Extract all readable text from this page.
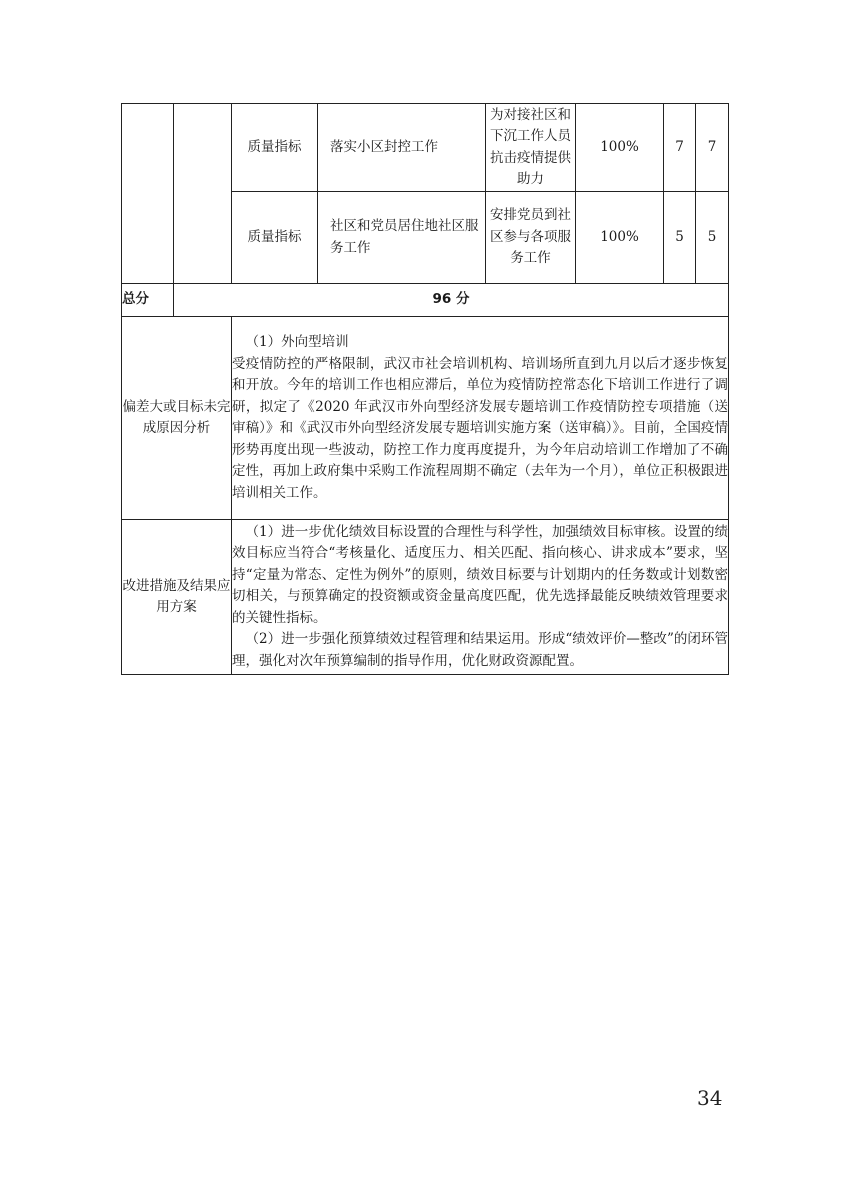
		质量指标	落实小区封控工作	为对接社区和下沉工作人员抗击疫情提供助力	100%	7	7
		质量指标	社区和党员居住地社区服务工作	安排党员到社区参与各项服务工作	100%	5	5
总分	96 分						
偏差大或目标未完成原因分析		（1）外向型培训

受疫情防控的严格限制，武汉市社会培训机构、培训场所直到九月以后才逐步恢复和开放。今年的培训工作也相应滞后，单位为疫情防控常态化下培训工作进行了调研，拟定了《2020 年武汉市外向型经济发展专题培训工作疫情防控专项措施（送审稿）》和《武汉市外向型经济发展专题培训实施方案（送审稿）》。目前，全国疫情形势再度出现一些波动，防控工作力度再度提升，为今年启动培训工作增加了不确定性，再加上政府集中采购工作流程周期不确定（去年为一个月），单位正积极跟进培训相关工作。					

改进措施及结果应用方案		（1）进一步优化绩效目标设置的合理性与科学性，加强绩效目标审核。设置的绩效目标应当符合“考核量化、适度压力、相关匹配、指向核心、讲求成本”要求，坚持“定量为常态、定性为例外”的原则，绩效目标要与计划期内的任务数或计划数密切相关，与预算确定的投资额或资金量高度匹配，优先选择最能反映绩效管理要求的关键性指标。

（2）进一步强化预算绩效过程管理和结果运用。形成“绩效评价—整改”的闭环管理，强化对次年预算编制的指导作用，优化财政资源配置。					

34
